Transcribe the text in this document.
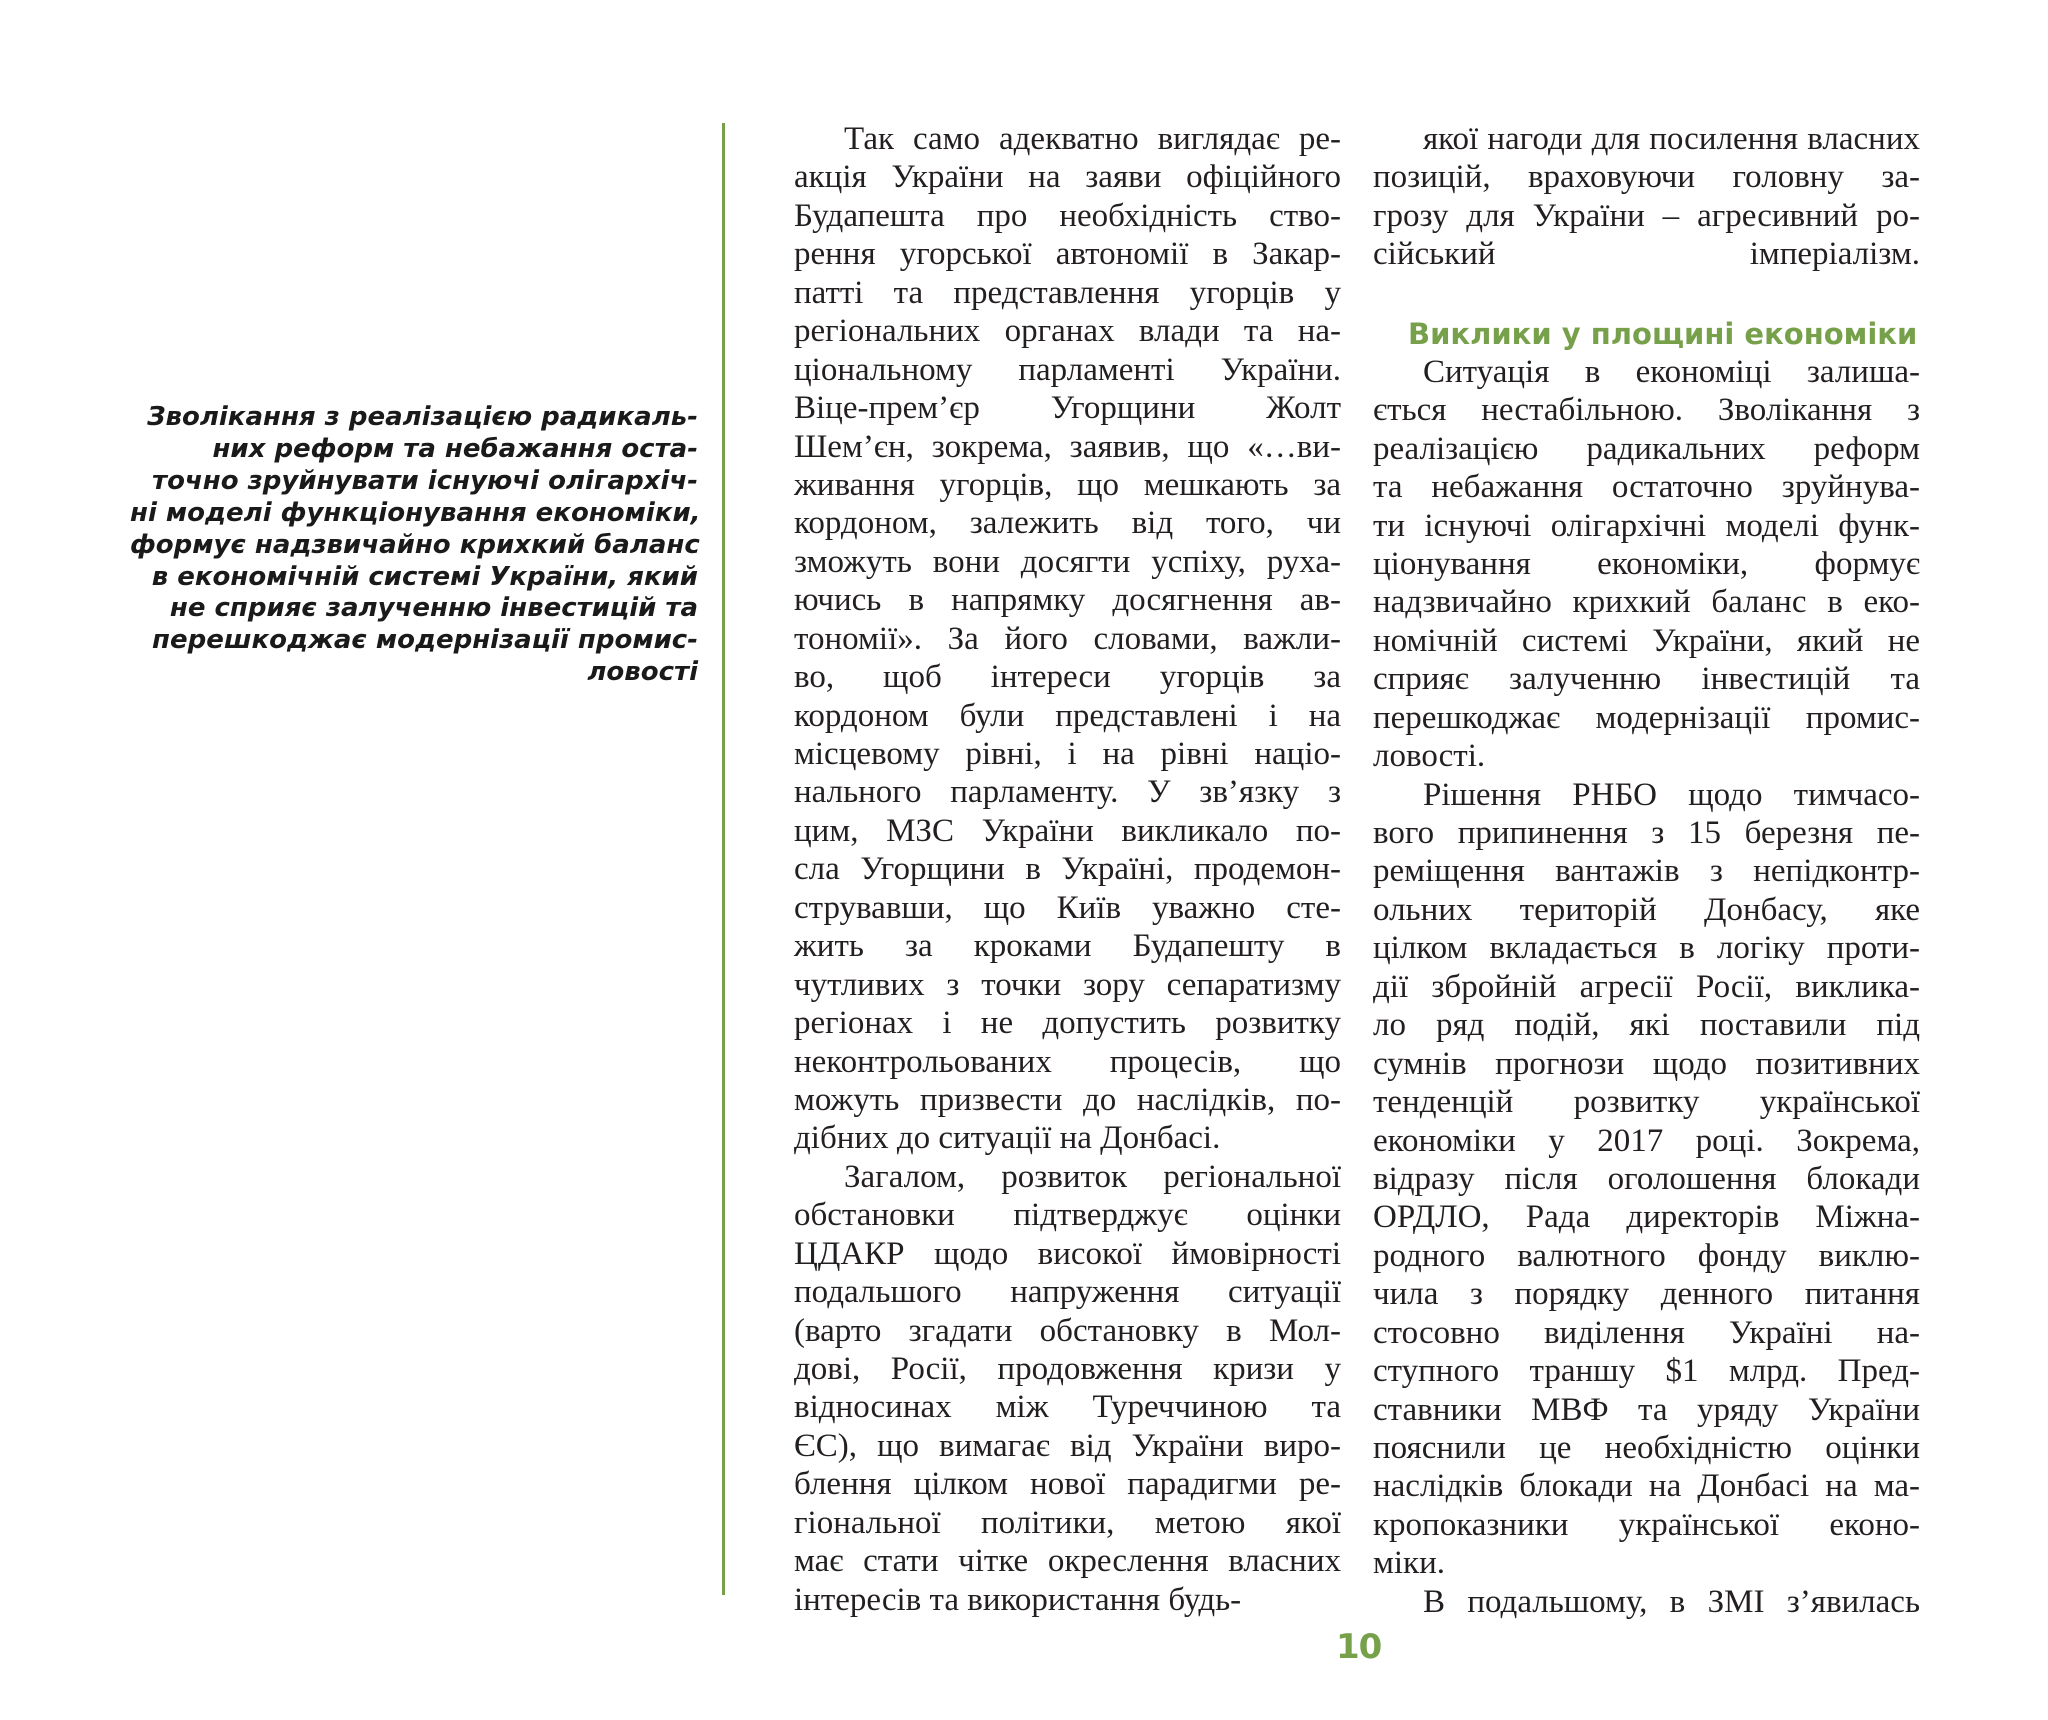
Зволікання з реалізацією радикаль-
них реформ та небажання оста-
точно зруйнувати існуючі олігархіч-
ні моделі функціонування економіки,
формує надзвичайно крихкий баланс
в економічній системі України, який
не сприяє залученню інвестицій та
перешкоджає модернізації промис-
ловості
Так само адекватно виглядає ре-
акція України на заяви офіційного
Будапешта про необхідність ство-
рення угорської автономії в Закар-
патті та представлення угорців у
регіональних органах влади та на-
ціональному парламенті України.
Віце-прем’єр Угорщини Жолт
Шем’єн, зокрема, заявив, що «…ви-
живання угорців, що мешкають за
кордоном, залежить від того, чи
зможуть вони досягти успіху, руха-
ючись в напрямку досягнення ав-
тономії». За його словами, важли-
во, щоб інтереси угорців за
кордоном були представлені і на
місцевому рівні, і на рівні націо-
нального парламенту. У зв’язку з
цим, МЗС України викликало по-
сла Угорщини в Україні, продемон-
струвавши, що Київ уважно сте-
жить за кроками Будапешту в
чутливих з точки зору сепаратизму
регіонах і не допустить розвитку
неконтрольованих процесів, що
можуть призвести до наслідків, по-
дібних до ситуації на Донбасі.
Загалом, розвиток регіональної
обстановки підтверджує оцінки
ЦДАКР щодо високої ймовірності
подальшого напруження ситуації
(варто згадати обстановку в Мол-
дові, Росії, продовження кризи у
відносинах між Туреччиною та
ЄС), що вимагає від України виро-
блення цілком нової парадигми ре-
гіональної політики, метою якої
має стати чітке окреслення власних
інтересів та використання будь-
якої нагоди для посилення власних
позицій, враховуючи головну за-
грозу для України – агресивний ро-
сійський імперіалізм.
Виклики у площині економіки
Ситуація в економіці залиша-
ється нестабільною. Зволікання з
реалізацією радикальних реформ
та небажання остаточно зруйнува-
ти існуючі олігархічні моделі функ-
ціонування економіки, формує
надзвичайно крихкий баланс в еко-
номічній системі України, який не
сприяє залученню інвестицій та
перешкоджає модернізації промис-
ловості.
Рішення РНБО щодо тимчасо-
вого припинення з 15 березня пе-
реміщення вантажів з непідконтр-
ольних територій Донбасу, яке
цілком вкладається в логіку проти-
дії збройній агресії Росії, виклика-
ло ряд подій, які поставили під
сумнів прогнози щодо позитивних
тенденцій розвитку української
економіки у 2017 році. Зокрема,
відразу після оголошення блокади
ОРДЛО, Рада директорів Міжна-
родного валютного фонду виклю-
чила з порядку денного питання
стосовно виділення Україні на-
ступного траншу $1 млрд. Пред-
ставники МВФ та уряду України
пояснили це необхідністю оцінки
наслідків блокади на Донбасі на ма-
кропоказники української еконо-
міки.
В подальшому, в ЗМІ з’явилась
10
